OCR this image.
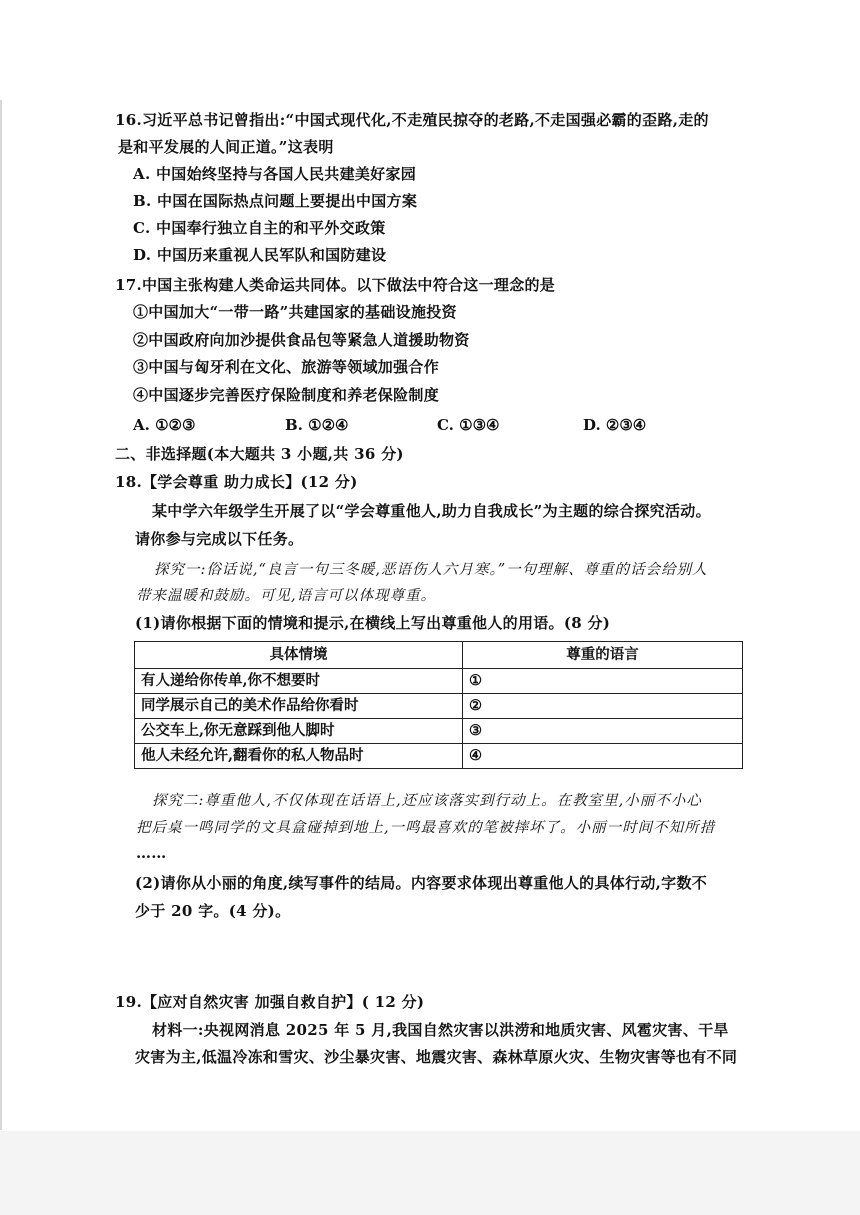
16.习近平总书记曾指出:“中国式现代化,不走殖民掠夺的老路,不走国强必霸的歪路,走的
是和平发展的人间正道。”这表明
A. 中国始终坚持与各国人民共建美好家园
B. 中国在国际热点问题上要提出中国方案
C. 中国奉行独立自主的和平外交政策
D. 中国历来重视人民军队和国防建设
17.中国主张构建人类命运共同体。以下做法中符合这一理念的是
①中国加大“一带一路”共建国家的基础设施投资
②中国政府向加沙提供食品包等紧急人道援助物资
③中国与匈牙利在文化、旅游等领域加强合作
④中国逐步完善医疗保险制度和养老保险制度
A. ①②③	B. ①②④	C. ①③④	D. ②③④
二、非选择题(本大题共 3 小题,共 36 分)
18.【学会尊重 助力成长】(12 分)
某中学六年级学生开展了以“学会尊重他人,助力自我成长”为主题的综合探究活动。
请你参与完成以下任务。
探究一:俗话说,“良言一句三冬暖,恶语伤人六月寒。”一句理解、尊重的话会给别人
带来温暖和鼓励。可见,语言可以体现尊重。
(1)请你根据下面的情境和提示,在横线上写出尊重他人的用语。(8 分)
具体情境	尊重的语言
有人递给你传单,你不想要时	①
同学展示自己的美术作品给你看时	②
公交车上,你无意踩到他人脚时	③
他人未经允许,翻看你的私人物品时	④
探究二:尊重他人,不仅体现在话语上,还应该落实到行动上。在教室里,小丽不小心
把后桌一鸣同学的文具盒碰掉到地上,一鸣最喜欢的笔被摔坏了。小丽一时间不知所措
……
(2)请你从小丽的角度,续写事件的结局。内容要求体现出尊重他人的具体行动,字数不
少于 20 字。(4 分)。
19.【应对自然灾害 加强自救自护】( 12 分)
材料一:央视网消息 2025 年 5 月,我国自然灾害以洪涝和地质灾害、风雹灾害、干旱
灾害为主,低温冷冻和雪灾、沙尘暴灾害、地震灾害、森林草原火灾、生物灾害等也有不同
